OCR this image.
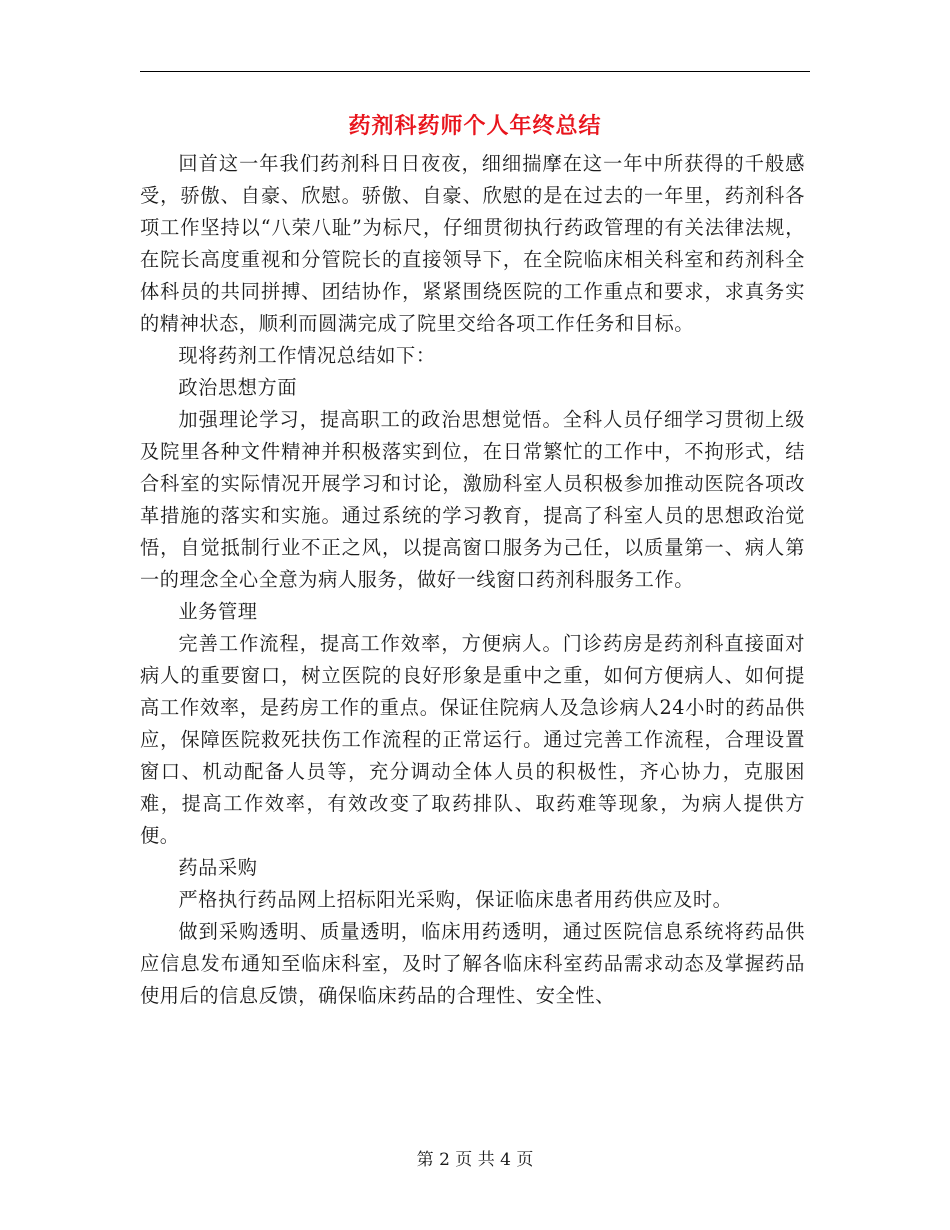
药剂科药师个人年终总结

回首这一年我们药剂科日日夜夜，细细揣摩在这一年中所获得的千般感受，骄傲、自豪、欣慰。骄傲、自豪、欣慰的是在过去的一年里，药剂科各项工作坚持以“八荣八耻”为标尺，仔细贯彻执行药政管理的有关法律法规，在院长高度重视和分管院长的直接领导下，在全院临床相关科室和药剂科全体科员的共同拼搏、团结协作，紧紧围绕医院的工作重点和要求，求真务实的精神状态，顺利而圆满完成了院里交给各项工作任务和目标。

现将药剂工作情况总结如下：

政治思想方面

加强理论学习，提高职工的政治思想觉悟。全科人员仔细学习贯彻上级及院里各种文件精神并积极落实到位，在日常繁忙的工作中，不拘形式，结合科室的实际情况开展学习和讨论，激励科室人员积极参加推动医院各项改革措施的落实和实施。通过系统的学习教育，提高了科室人员的思想政治觉悟，自觉抵制行业不正之风，以提高窗口服务为己任，以质量第一、病人第一的理念全心全意为病人服务，做好一线窗口药剂科服务工作。

业务管理

完善工作流程，提高工作效率，方便病人。门诊药房是药剂科直接面对病人的重要窗口，树立医院的良好形象是重中之重，如何方便病人、如何提高工作效率，是药房工作的重点。保证住院病人及急诊病人24小时的药品供应，保障医院救死扶伤工作流程的正常运行。通过完善工作流程，合理设置窗口、机动配备人员等，充分调动全体人员的积极性，齐心协力，克服困难，提高工作效率，有效改变了取药排队、取药难等现象，为病人提供方便。

药品采购

严格执行药品网上招标阳光采购，保证临床患者用药供应及时。

做到采购透明、质量透明，临床用药透明，通过医院信息系统将药品供应信息发布通知至临床科室，及时了解各临床科室药品需求动态及掌握药品使用后的信息反馈，确保临床药品的合理性、安全性、

第 2 页 共 4 页
